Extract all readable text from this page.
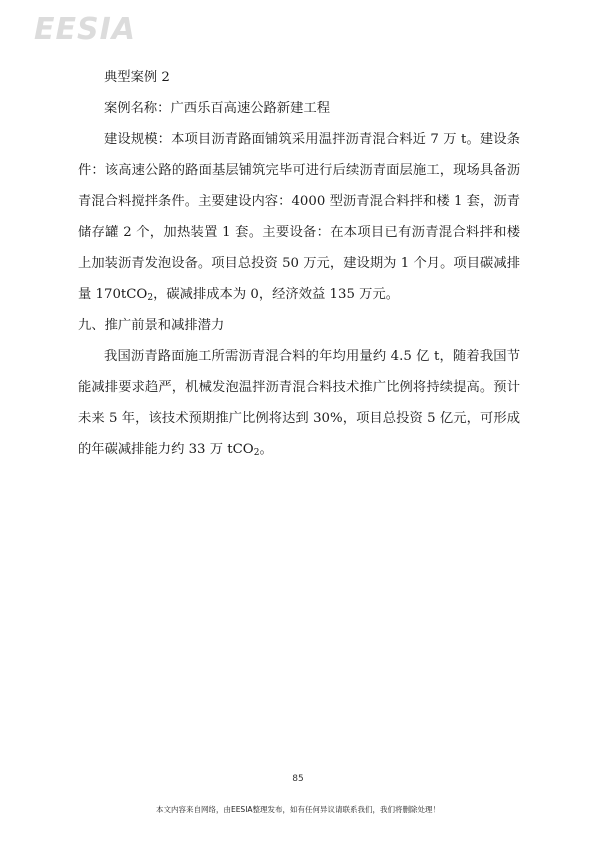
EESIA

典型案例 2

案例名称：广西乐百高速公路新建工程

建设规模：本项目沥青路面铺筑采用温拌沥青混合料近 7 万 t。建设条件：该高速公路的路面基层铺筑完毕可进行后续沥青面层施工，现场具备沥青混合料搅拌条件。主要建设内容：4000 型沥青混合料拌和楼 1 套，沥青储存罐 2 个，加热装置 1 套。主要设备：在本项目已有沥青混合料拌和楼上加装沥青发泡设备。项目总投资 50 万元，建设期为 1 个月。项目碳减排量 170tCO$_2$，碳减排成本为 0，经济效益 135 万元。

九、推广前景和减排潜力

我国沥青路面施工所需沥青混合料的年均用量约 4.5 亿 t，随着我国节能减排要求趋严，机械发泡温拌沥青混合料技术推广比例将持续提高。预计未来 5 年，该技术预期推广比例将达到 30%，项目总投资 5 亿元，可形成的年碳减排能力约 33 万 tCO$_2$。

85
本文内容来自网络，由EESIA整理发布，如有任何异议请联系我们，我们将删除处理！
